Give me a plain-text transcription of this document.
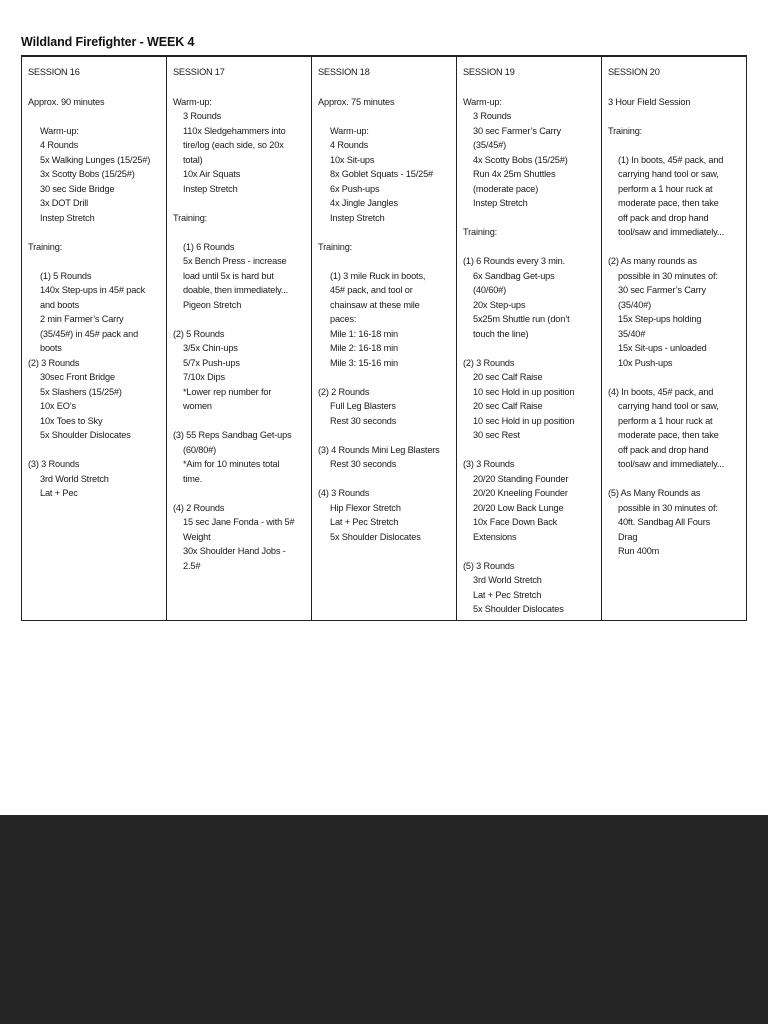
Wildland Firefighter - WEEK 4
SESSION 16
Approx. 90 minutes
Warm-up:
4 Rounds
5x Walking Lunges (15/25#)
3x Scotty Bobs (15/25#)
30 sec Side Bridge
3x DOT Drill
Instep Stretch
Training:
(1) 5 Rounds
140x Step-ups in 45# pack
and boots
2 min Farmer’s Carry
(35/45#) in 45# pack and
boots
(2) 3 Rounds
30sec Front Bridge
5x Slashers (15/25#)
10x EO’s
10x Toes to Sky
5x Shoulder Dislocates
(3) 3 Rounds
3rd World Stretch
Lat + Pec
SESSION 17
Warm-up:
3 Rounds
110x Sledgehammers into
tire/log (each side, so 20x
total)
10x Air Squats
Instep Stretch
Training:
(1) 6 Rounds
5x Bench Press - increase
load until 5x is hard but
doable, then immediately...
Pigeon Stretch
(2) 5 Rounds
3/5x Chin-ups
5/7x Push-ups
7/10x Dips
*Lower rep number for
women
(3) 55 Reps Sandbag Get-ups
(60/80#)
*Aim for 10 minutes total
time.
(4) 2 Rounds
15 sec Jane Fonda - with 5#
Weight
30x Shoulder Hand Jobs -
2.5#
SESSION 18
Approx. 75 minutes
Warm-up:
4 Rounds
10x Sit-ups
8x Goblet Squats - 15/25#
6x Push-ups
4x Jingle Jangles
Instep Stretch
Training:
(1) 3 mile Ruck in boots,
45# pack, and tool or
chainsaw at these mile
paces:
Mile 1: 16-18 min
Mile 2: 16-18 min
Mile 3: 15-16 min
(2) 2 Rounds
Full Leg Blasters
Rest 30 seconds
(3) 4 Rounds Mini Leg Blasters
Rest 30 seconds
(4) 3 Rounds
Hip Flexor Stretch
Lat + Pec Stretch
5x Shoulder Dislocates
SESSION 19
Warm-up:
3 Rounds
30 sec Farmer’s Carry
(35/45#)
4x Scotty Bobs (15/25#)
Run 4x 25m Shuttles
(moderate pace)
Instep Stretch
Training:
(1) 6 Rounds every 3 min.
6x Sandbag Get-ups
(40/60#)
20x Step-ups
5x25m Shuttle run (don’t
touch the line)
(2) 3 Rounds
20 sec Calf Raise
10 sec Hold in up position
20 sec Calf Raise
10 sec Hold in up position
30 sec Rest
(3) 3 Rounds
20/20 Standing Founder
20/20 Kneeling Founder
20/20 Low Back Lunge
10x Face Down Back
Extensions
(5) 3 Rounds
3rd World Stretch
Lat + Pec Stretch
5x Shoulder Dislocates
SESSION 20
3 Hour Field Session
Training:
(1) In boots, 45# pack, and
carrying hand tool or saw,
perform a 1 hour ruck at
moderate pace, then take
off pack and drop hand
tool/saw and immediately...
(2) As many rounds as
possible in 30 minutes of:
30 sec Farmer’s Carry
(35/40#)
15x Step-ups holding
35/40#
15x Sit-ups - unloaded
10x Push-ups
(4) In boots, 45# pack, and
carrying hand tool or saw,
perform a 1 hour ruck at
moderate pace, then take
off pack and drop hand
tool/saw and immediately...
(5) As Many Rounds as
possible in 30 minutes of:
40ft. Sandbag All Fours
Drag
Run 400m
